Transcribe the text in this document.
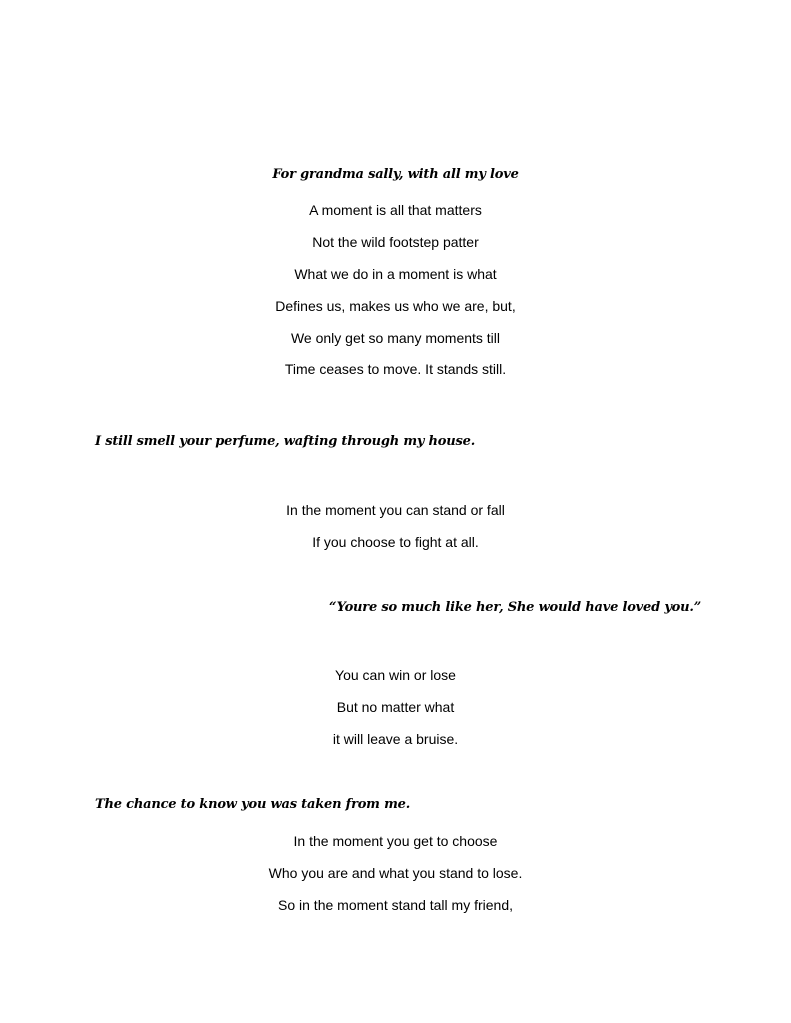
For grandma sally, with all my love
A moment is all that matters
Not the wild footstep patter
What we do in a moment is what
Defines us, makes us who we are, but,
We only get so many moments till
Time ceases to move. It stands still.
I still smell your perfume, wafting through my house.
In the moment you can stand or fall
If you choose to fight at all.
“Youre so much like her, She would have loved you.”
You can win or lose
But no matter what
it will leave a bruise.
The chance to know you was taken from me.
In the moment you get to choose
Who you are and what you stand to lose.
So in the moment stand tall my friend,
